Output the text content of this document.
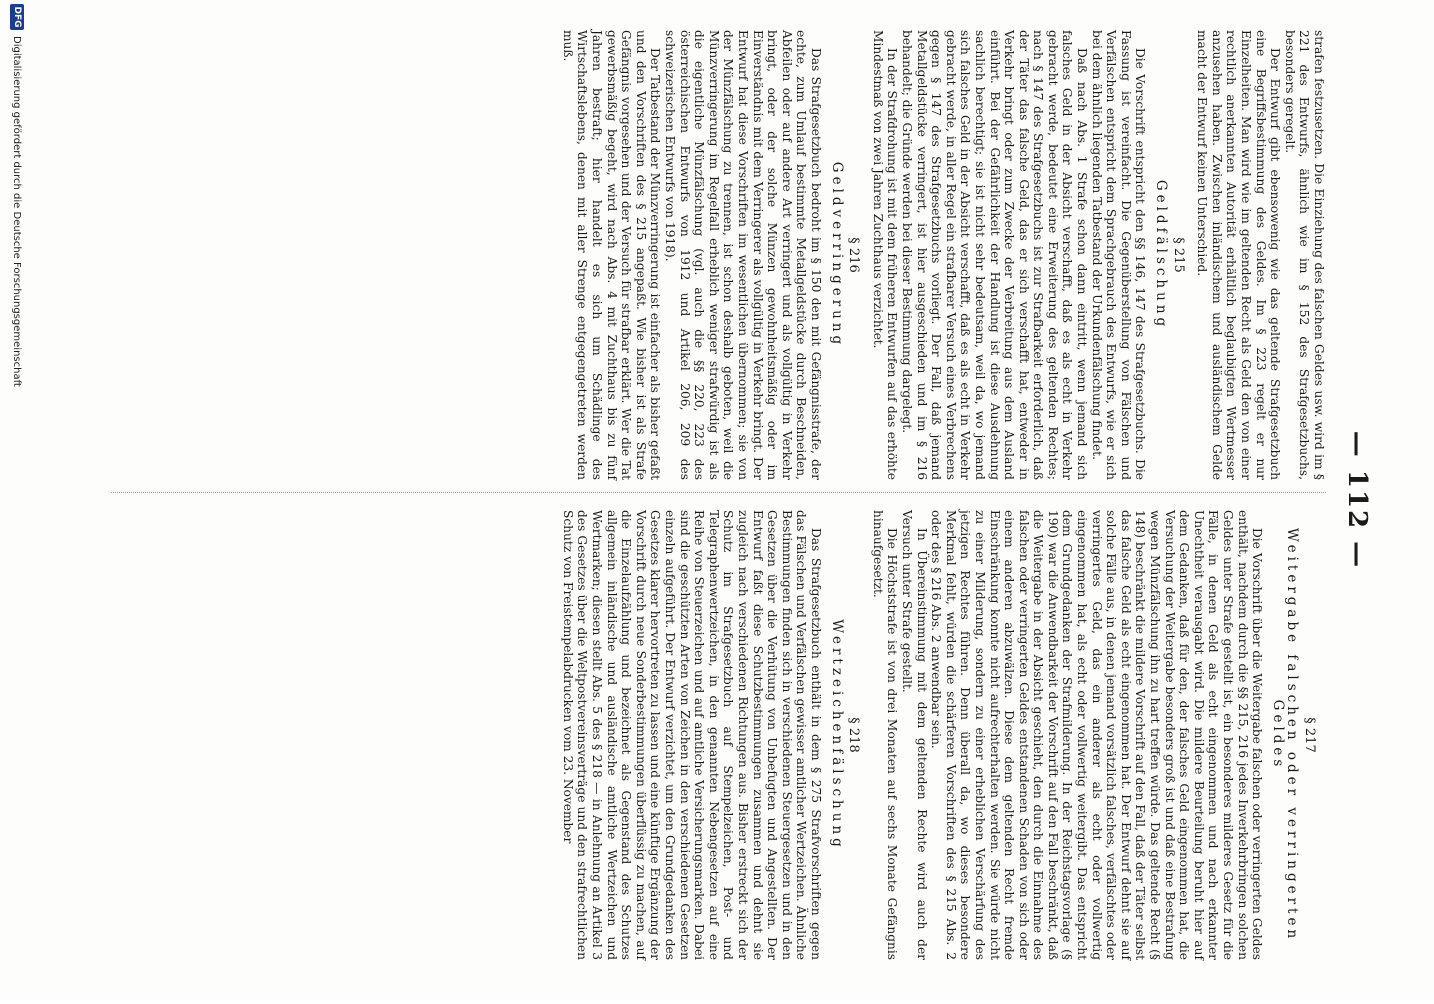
— 112 —

strafen festzusetzen. Die Einziehung des falschen Geldes usw. wird im § 221 des Entwurfs, ähnlich wie im § 152 des Strafgesetzbuchs, besonders geregelt.

Der Entwurf gibt ebensowenig wie das geltende Strafgesetzbuch eine Begriffsbestimmung des Geldes. Im § 223 regelt er nur Einzelheiten. Man wird wie im geltenden Recht als Geld den von einer rechtlich anerkannten Autorität erhältlich beglaubigten Wertmesser anzusehen haben. Zwischen inländischem und ausländischem Gelde macht der Entwurf keinen Unterschied.

§ 215
Geldfälschung

Die Vorschrift entspricht den §§ 146, 147 des Strafgesetzbuchs. Die Fassung ist vereinfacht. Die Gegenüberstellung von Fälschen und Verfälschen entspricht dem Sprachgebrauch des Entwurfs, wie er sich bei dem ähnlich liegenden Tatbestand der Urkundenfälschung findet.

Daß nach Abs. 1 Strafe schon dann eintritt, wenn jemand sich falsches Geld in der Absicht verschafft, daß es als echt in Verkehr gebracht werde, bedeutet eine Erweiterung des geltenden Rechtes; nach § 147 des Strafgesetzbuchs ist zur Strafbarkeit erforderlich, daß der Täter das falsche Geld, das er sich verschafft hat, entweder in Verkehr bringt oder zum Zwecke der Verbreitung aus dem Ausland einführt. Bei der Gefährlichkeit der Handlung ist diese Ausdehnung sachlich berechtigt; sie ist nicht sehr bedeutsam, weil da, wo jemand sich falsches Geld in der Absicht verschafft, daß es als echt in Verkehr gebracht werde, in aller Regel ein strafbarer Versuch eines Verbrechens gegen § 147 des Strafgesetzbuchs vorliegt. Der Fall, daß jemand Metallgeldstücke verringert, ist hier ausgeschieden und im § 216 behandelt; die Gründe werden bei dieser Bestimmung dargelegt.

In der Strafdrohung ist mit dem früheren Entwurfen auf das erhöhte Mindestmaß von zwei Jahren Zuchthaus verzichtet.

§ 216
Geldverringerung

Das Strafgesetzbuch bedroht im § 150 den mit Gefängnisstrafe, der echte, zum Umlauf bestimmte Metallgeldstücke durch Beschneiden, Abfeilen oder auf andere Art verringert und als vollgültig in Verkehr bringt, oder der solche Münzen gewohnheitsmäßig oder im Einverständnis mit dem Verringerer als vollgültig in Verkehr bringt. Der Entwurf hat diese Vorschriften im wesentlichen übernommen; sie von der Münzfälschung zu trennen, ist schon deshalb geboten, weil die Münzverringerung im Regelfall erheblich weniger strafwürdig ist als die eigentliche Münzfälschung (vgl. auch die §§ 220, 223 des österreichischen Entwurfs von 1912 und Artikel 206, 209 des schweizerischen Entwurfs von 1918).

Der Tatbestand der Münzverringerung ist einfacher als bisher gefaßt und den Vorschriften des § 215 angepaßt. Wie bisher ist als Strafe Gefängnis vorgesehen und der Versuch für strafbar erklärt. Wer die Tat gewerbsmäßig begeht, wird nach Abs. 4 mit Zuchthaus bis zu fünf Jahren bestraft; hier handelt es sich um Schädlinge des Wirtschaftslebens, denen mit aller Strenge entgegengetreten werden muß.

§ 217
Weitergabe falschen oder verringerten Geldes

Die Vorschrift über die Weitergabe falschen oder verringerten Geldes enthält, nachdem durch die §§ 215, 216 jedes Inverkehrbringen solchen Geldes unter Strafe gestellt ist, ein besonderes milderes Gesetz für die Fälle, in denen Geld als echt eingenommen und nach erkannter Unechtheit verausgabt wird. Die mildere Beurteilung beruht hier auf dem Gedanken, daß für den, der falsches Geld eingenommen hat, die Versuchung der Weitergabe besonders groß ist und daß eine Bestrafung wegen Münzfälschung ihn zu hart treffen würde. Das geltende Recht (§ 148) beschränkt die mildere Vorschrift auf den Fall, daß der Täter selbst das falsche Geld als echt eingenommen hat. Der Entwurf dehnt sie auf solche Fälle aus, in denen jemand vorsätzlich falsches, verfälschtes oder verringertes Geld, das ein anderer als echt oder vollwertig eingenommen hat, als echt oder vollwertig weitergibt. Das entspricht dem Grundgedanken der Strafmilderung. In der Reichstagsvorlage (§ 190) war die Anwendbarkeit der Vorschrift auf den Fall beschränkt, daß die Weitergabe in der Absicht geschieht, den durch die Einnahme des falschen oder verringerten Geldes entstandenen Schaden von sich oder einem anderen abzuwälzen. Diese dem geltenden Recht fremde Einschränkung konnte nicht aufrechterhalten werden. Sie würde nicht zu einer Milderung, sondern zu einer erheblichen Verschärfung des jetzigen Rechtes führen. Denn überall da, wo dieses besondere Merkmal fehlt, würden die schärferen Vorschriften des § 215 Abs. 2 oder des § 216 Abs. 2 anwendbar sein.

In Übereinstimmung mit dem geltenden Rechte wird auch der Versuch unter Strafe gestellt.

Die Höchststrafe ist von drei Monaten auf sechs Monate Gefängnis hinaufgesetzt.

§ 218
Wertzeichenfälschung

Das Strafgesetzbuch enthält in dem § 275 Strafvorschriften gegen das Fälschen und Verfälschen gewisser amtlicher Wertzeichen. Ähnliche Bestimmungen finden sich in verschiedenen Steuergesetzen und in den Gesetzen über die Verhütung von Unbefugten und Angestellten. Der Entwurf faßt diese Schutzbestimmungen zusammen und dehnt sie zugleich nach verschiedenen Richtungen aus. Bisher erstreckt sich der Schutz im Strafgesetzbuch auf Stempelzeichen, Post- und Telegraphenwertzeichen, in den genannten Nebengesetzen auf eine Reihe von Steuerzeichen und auf amtliche Versicherungsmarken. Dabei sind die geschützten Arten von Zeichen in den verschiedenen Gesetzen einzeln aufgeführt. Der Entwurf verzichtet, um den Grundgedanken des Gesetzes klarer hervortreten zu lassen und eine künftige Ergänzung der Vorschrift durch neue Sonderbestimmungen überflüssig zu machen, auf die Einzelaufzählung und bezeichnet als Gegenstand des Schutzes allgemein inländische und ausländische amtliche Wertzeichen und Wertmarken; diesen stellt Abs. 5 des § 218 — in Anlehnung an Artikel 3 des Gesetzes über die Weltpostvereinsverträge und den strafrechtlichen Schutz von Freistempelabdrucken vom 23. November

DFG
Digitalisierung gefördert durch die Deutsche Forschungsgemeinschaft
